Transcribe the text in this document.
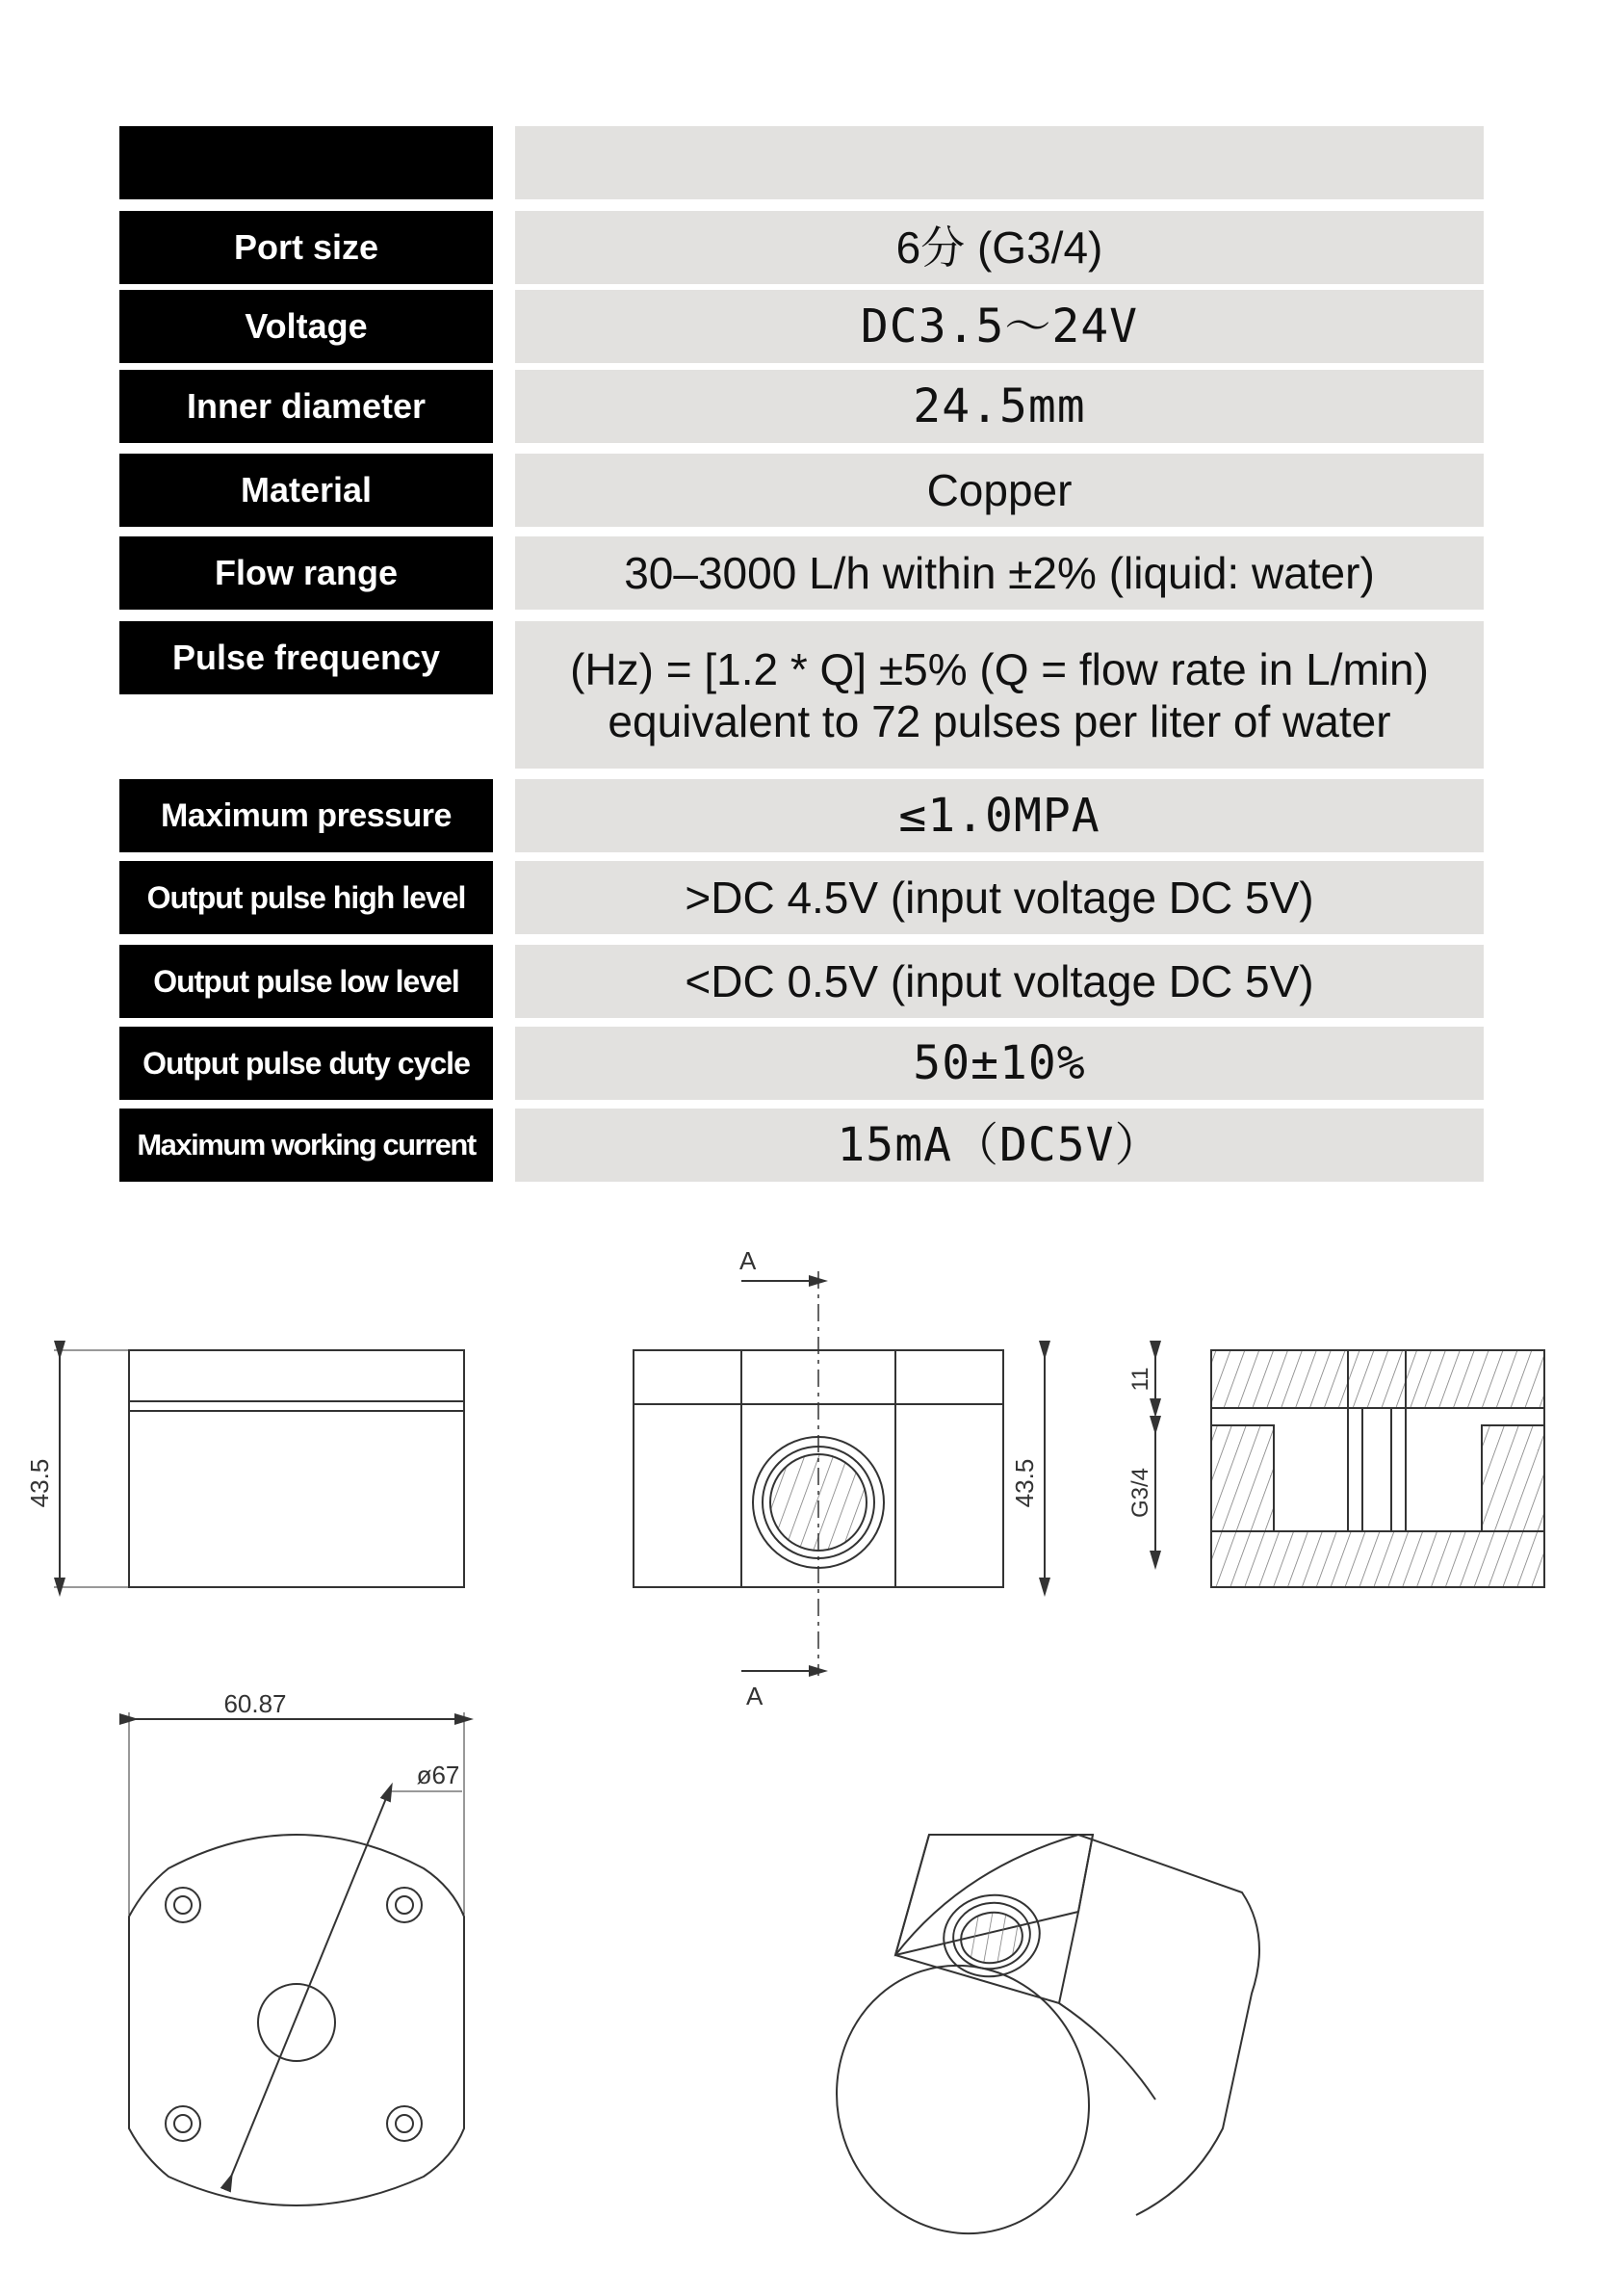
Port size	6分 (G3/4)
Voltage	DC3.5～24V
Inner diameter	24.5mm
Material	Copper
Flow range	30–3000 L/h within ±2% (liquid: water)
Pulse frequency	(Hz) = [1.2 * Q] ±5% (Q = flow rate in L/min)
equivalent to 72 pulses per liter of water
Maximum pressure	≤1.0MPA
Output pulse high level	>DC 4.5V (input voltage DC 5V)
Output pulse low level	<DC 0.5V (input voltage DC 5V)
Output pulse duty cycle	50±10%
Maximum working current	15mA（DC5V）
43.5
A
A
43.5
11
G3/4
60.87
ø67
